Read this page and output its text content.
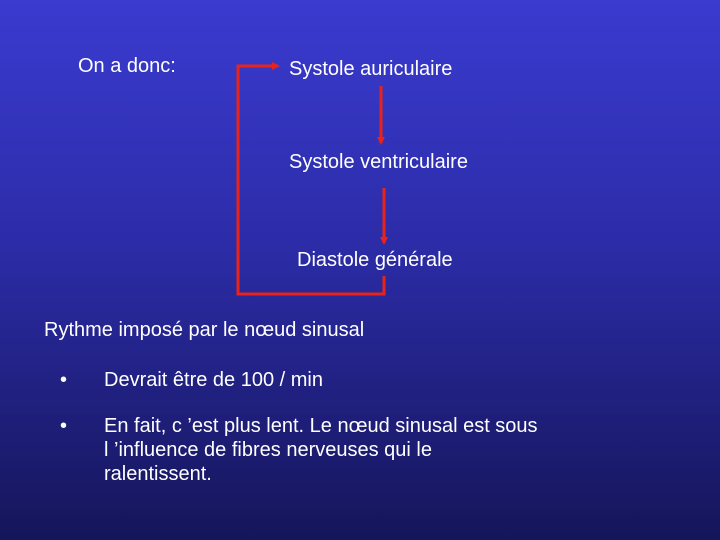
On a donc:	Systole auriculaire
Systole ventriculaire
Diastole générale
Rythme imposé par le nœud sinusal
•	Devrait être de 100 / min
•	En fait, c ’est plus lent. Le nœud sinusal est sous l ’influence de fibres nerveuses qui le ralentissent.
